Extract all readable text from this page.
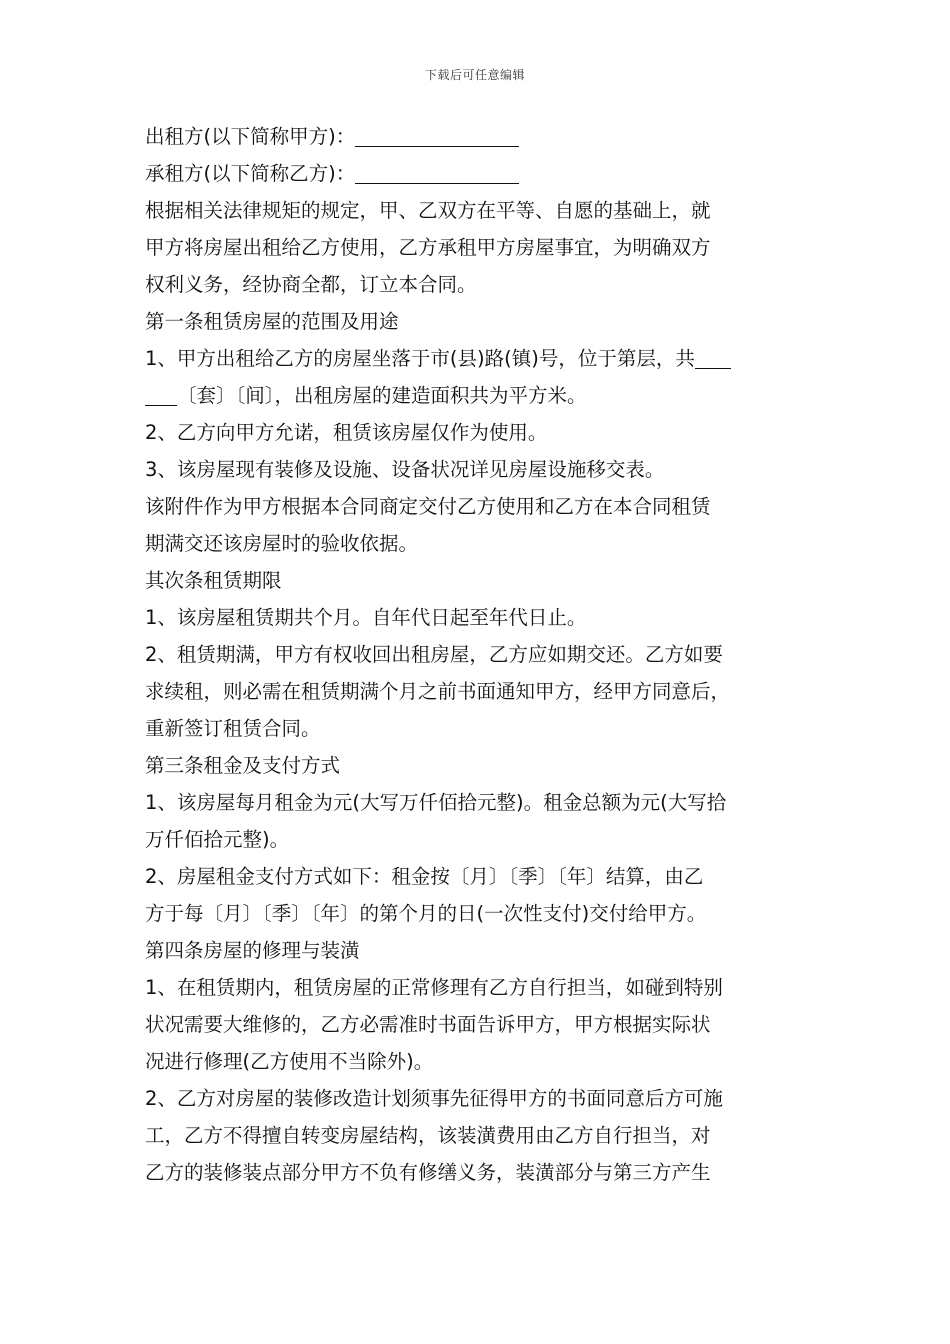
下载后可任意编辑
出租方(以下简称甲方)：
承租方(以下简称乙方)：
根据相关法律规矩的规定，甲、乙双方在平等、自愿的基础上，就
甲方将房屋出租给乙方使用，乙方承租甲方房屋事宜，为明确双方
权利义务，经协商全都，订立本合同。
第一条租赁房屋的范围及用途
1、甲方出租给乙方的房屋坐落于市(县)路(镇)号，位于第层，共
〔套〕〔间〕，出租房屋的建造面积共为平方米。
2、乙方向甲方允诺，租赁该房屋仅作为使用。
3、该房屋现有装修及设施、设备状况详见房屋设施移交表。
该附件作为甲方根据本合同商定交付乙方使用和乙方在本合同租赁
期满交还该房屋时的验收依据。
其次条租赁期限
1、该房屋租赁期共个月。自年代日起至年代日止。
2、租赁期满，甲方有权收回出租房屋，乙方应如期交还。乙方如要
求续租，则必需在租赁期满个月之前书面通知甲方，经甲方同意后，
重新签订租赁合同。
第三条租金及支付方式
1、该房屋每月租金为元(大写万仟佰拾元整)。租金总额为元(大写拾
万仟佰拾元整)。
2、房屋租金支付方式如下：租金按〔月〕〔季〕〔年〕结算，由乙
方于每〔月〕〔季〕〔年〕的第个月的日(一次性支付)交付给甲方。
第四条房屋的修理与装潢
1、在租赁期内，租赁房屋的正常修理有乙方自行担当，如碰到特别
状况需要大维修的，乙方必需准时书面告诉甲方，甲方根据实际状
况进行修理(乙方使用不当除外)。
2、乙方对房屋的装修改造计划须事先征得甲方的书面同意后方可施
工，乙方不得擅自转变房屋结构，该装潢费用由乙方自行担当，对
乙方的装修装点部分甲方不负有修缮义务，装潢部分与第三方产生
